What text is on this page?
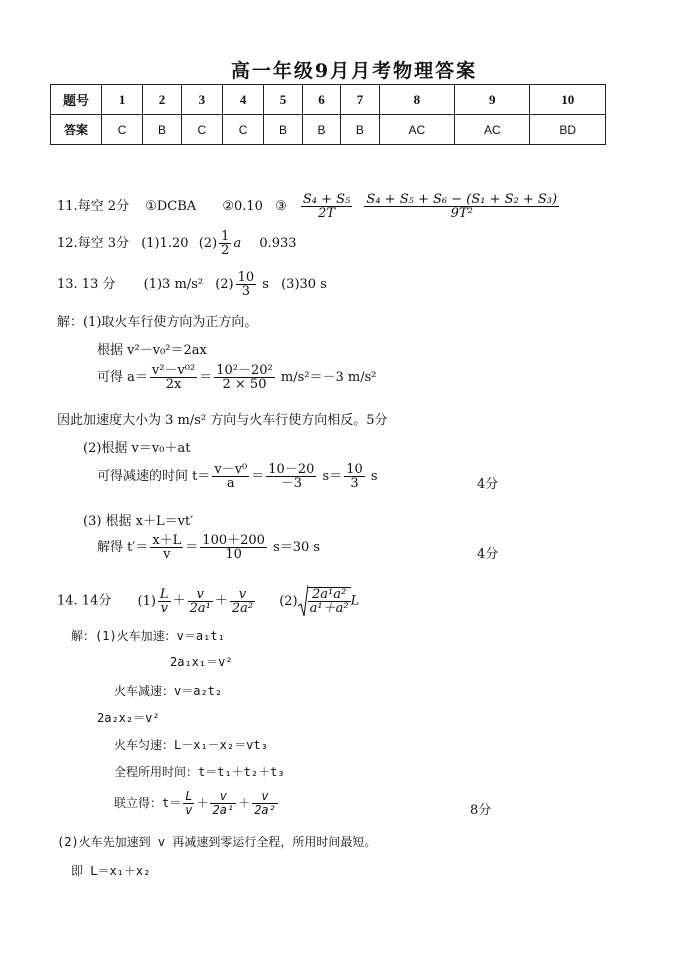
高一年级9月月考物理答案
题号	1	2	3	4	5	6	7	8	9	10
答案	C	B	C	C	B	B	B	AC	AC	BD
11.每空 2分 ①DCBA ②0.10 ③ $\frac{\text{S₄ + S₅}}{2T}$
$\frac{\text{S₄ + S₅ + S₆ − (S₁ + S₂ + S₃)}}{\text{9T²}}$
12.每空 3分 (1)1.20 $(2) \frac{1}{2}$ a 0.933
13. 13 分 (1)3 m/s² $(2) \frac{10}{3}$ s (3)30 s
解：(1)取火车行使方向为正方向。
根据 v²－v₀²＝2ax
可得 $a= \frac{\text{v²－v⁰²}}{2x} = \frac{\text{10²－20²}}{2 \times 50} m/s^2=-3$ m/s²
因此加速度大小为 3 m/s² 方向与火车行使方向相反。5分
(2)根据 v＝v₀＋at
可得减速的时间 $t= \frac{\text{v－v⁰}}{a} = \frac{10-20}{-3} s= \frac{10}{3}$ s
4分
(3) 根据 x＋L＝vt′
解得 $t'= \frac{x+L}{v} = \frac{100+200}{10} s=30$ s	4分
14. 14分 $(1) \frac{L}{v} + \frac{v}{\text{2a¹}} + \frac{v}{\text{2a²}} (2) \frac{\text{2a¹a²}}{\text{a¹＋a²}}$ L
解：(1)火车加速：v＝a₁t₁
2a₁x₁＝v²
火车减速：v＝a₂t₂
2a₂x₂＝v²
火车匀速：L－x₁－x₂＝vt₃
全程所用时间：t＝t₁＋t₂＋t₃
联立得：$t= \frac{L}{v} + \frac{v}{\text{2a¹}} + \frac{v}{\text{2a²}}$	8分
(2)火车先加速到 v 再减速到零运行全程，所用时间最短。
即 L＝x₁＋x₂
